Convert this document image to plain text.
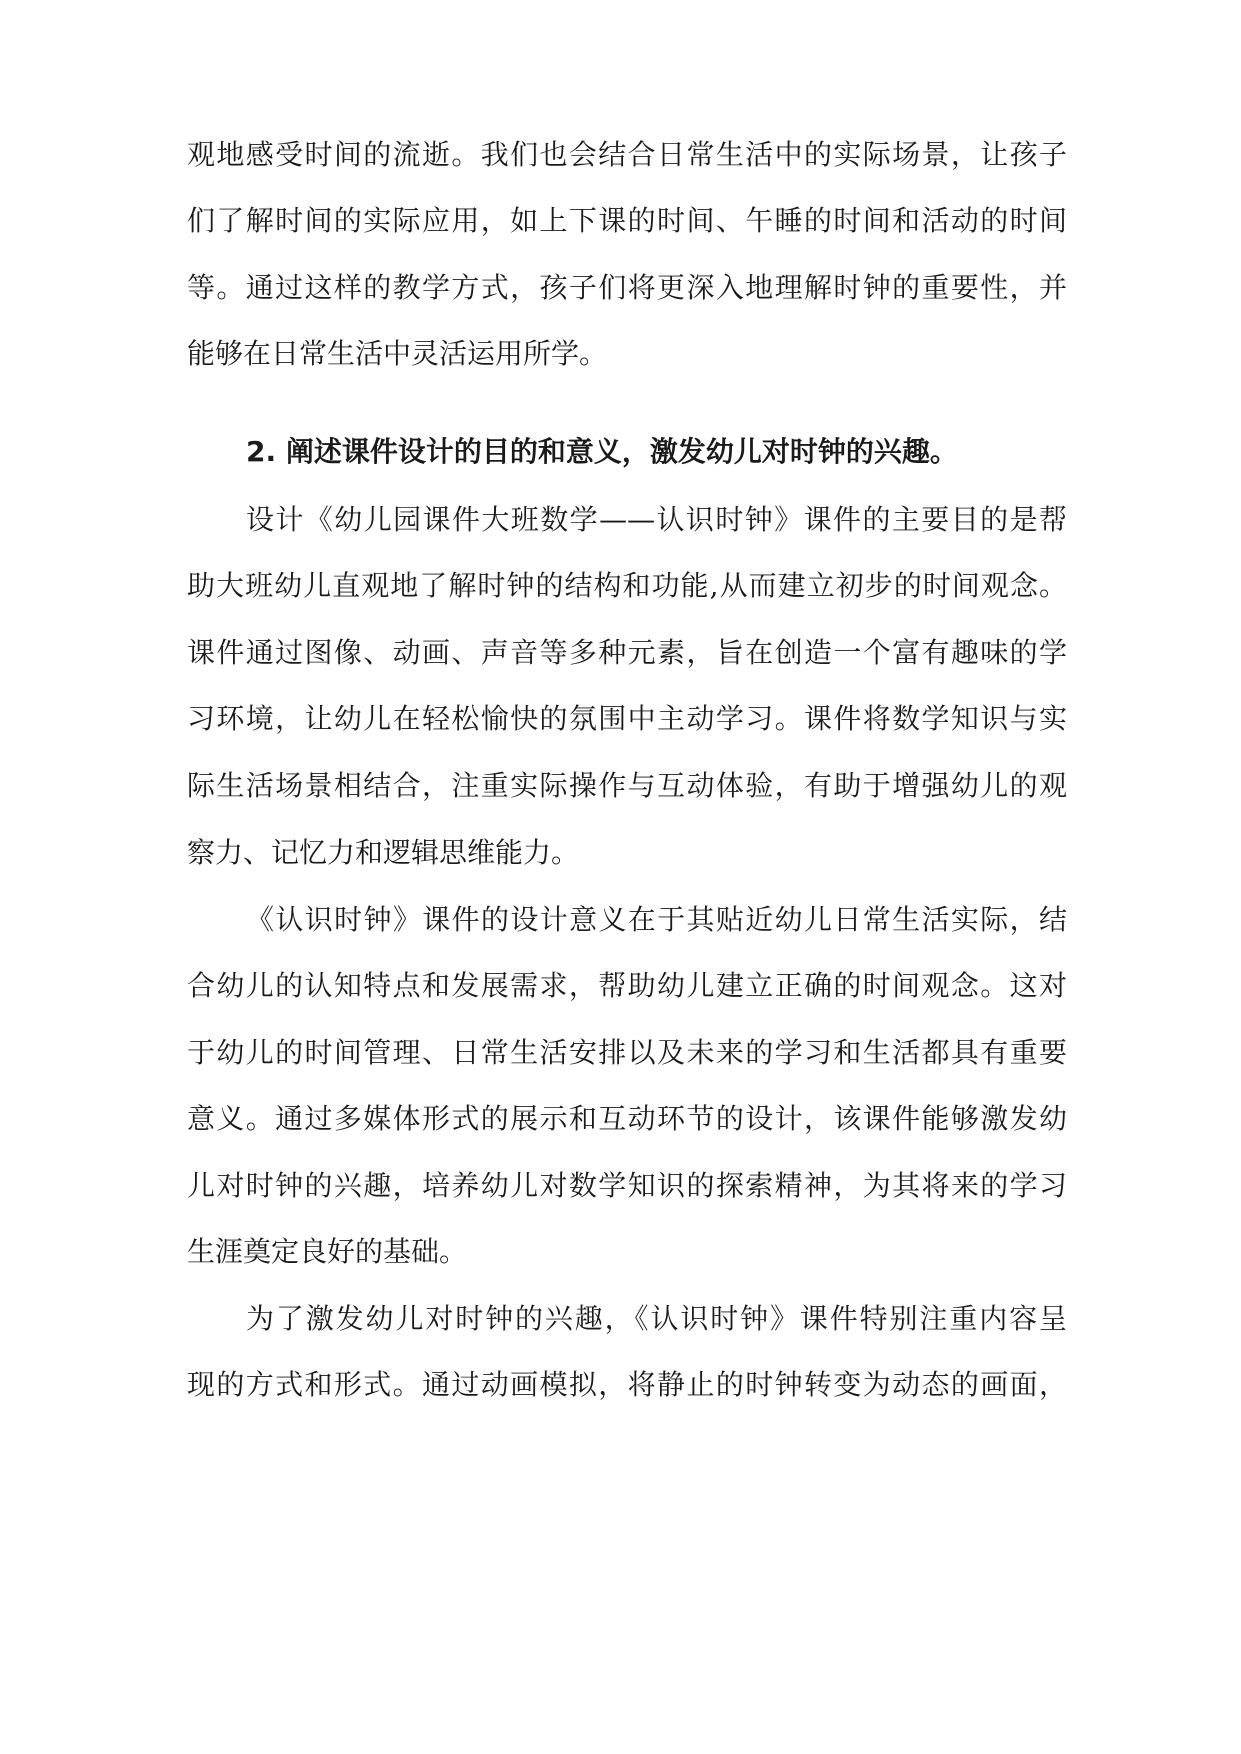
观地感受时间的流逝。我们也会结合日常生活中的实际场景，让孩子
们了解时间的实际应用，如上下课的时间、午睡的时间和活动的时间
等。通过这样的教学方式，孩子们将更深入地理解时钟的重要性，并
能够在日常生活中灵活运用所学。
2. 阐述课件设计的目的和意义，激发幼儿对时钟的兴趣。
设计《幼儿园课件大班数学——认识时钟》课件的主要目的是帮
助大班幼儿直观地了解时钟的结构和功能,从而建立初步的时间观念。
课件通过图像、动画、声音等多种元素，旨在创造一个富有趣味的学
习环境，让幼儿在轻松愉快的氛围中主动学习。课件将数学知识与实
际生活场景相结合，注重实际操作与互动体验，有助于增强幼儿的观
察力、记忆力和逻辑思维能力。
《认识时钟》课件的设计意义在于其贴近幼儿日常生活实际，结
合幼儿的认知特点和发展需求，帮助幼儿建立正确的时间观念。这对
于幼儿的时间管理、日常生活安排以及未来的学习和生活都具有重要
意义。通过多媒体形式的展示和互动环节的设计，该课件能够激发幼
儿对时钟的兴趣，培养幼儿对数学知识的探索精神，为其将来的学习
生涯奠定良好的基础。
为了激发幼儿对时钟的兴趣，《认识时钟》课件特别注重内容呈
现的方式和形式。通过动画模拟，将静止的时钟转变为动态的画面，
